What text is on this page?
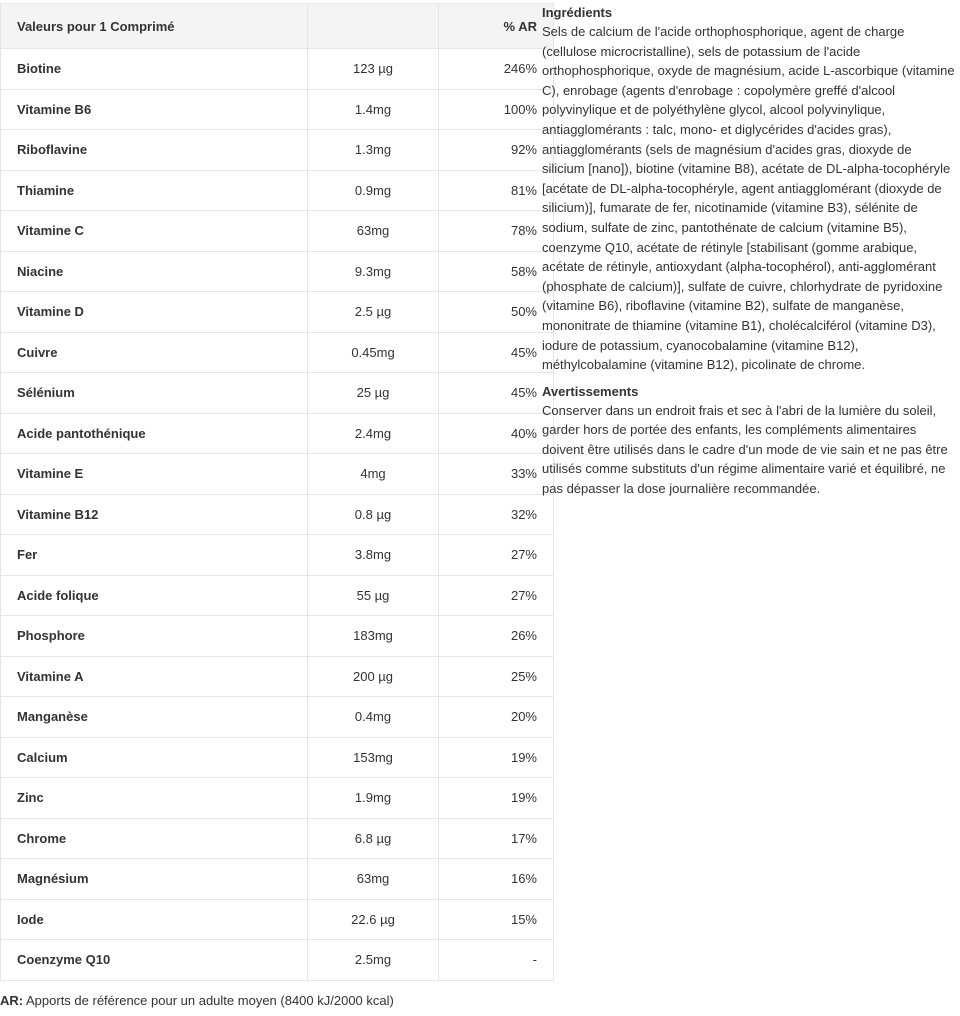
Valeurs pour 1 Comprimé		% AR
Biotine	123 µg	246%
Vitamine B6	1.4mg	100%
Riboflavine	1.3mg	92%
Thiamine	0.9mg	81%
Vitamine C	63mg	78%
Niacine	9.3mg	58%
Vitamine D	2.5 µg	50%
Cuivre	0.45mg	45%
Sélénium	25 µg	45%
Acide pantothénique	2.4mg	40%
Vitamine E	4mg	33%
Vitamine B12	0.8 µg	32%
Fer	3.8mg	27%
Acide folique	55 µg	27%
Phosphore	183mg	26%
Vitamine A	200 µg	25%
Manganèse	0.4mg	20%
Calcium	153mg	19%
Zinc	1.9mg	19%
Chrome	6.8 µg	17%
Magnésium	63mg	16%
Iode	22.6 µg	15%
Coenzyme Q10	2.5mg	-
AR: Apports de référence pour un adulte moyen (8400 kJ/2000 kcal)
Ingrédients

Sels de calcium de l'acide orthophosphorique, agent de charge (cellulose microcristalline), sels de potassium de l'acide orthophosphorique, oxyde de magnésium, acide L-ascorbique (vitamine C), enrobage (agents d'enrobage : copolymère greffé d'alcool polyvinylique et de polyéthylène glycol, alcool polyvinylique, antiagglomérants : talc, mono- et diglycérides d'acides gras), antiagglomérants (sels de magnésium d'acides gras, dioxyde de silicium [nano]), biotine (vitamine B8), acétate de DL-alpha-tocophéryle [acétate de DL-alpha-tocophéryle, agent antiagglomérant (dioxyde de silicium)], fumarate de fer, nicotinamide (vitamine B3), sélénite de sodium, sulfate de zinc, pantothénate de calcium (vitamine B5), coenzyme Q10, acétate de rétinyle [stabilisant (gomme arabique, acétate de rétinyle, antioxydant (alpha-tocophérol), anti-agglomérant (phosphate de calcium)], sulfate de cuivre, chlorhydrate de pyridoxine (vitamine B6), riboflavine (vitamine B2), sulfate de manganèse, mononitrate de thiamine (vitamine B1), cholécalciférol (vitamine D3), iodure de potassium, cyanocobalamine (vitamine B12), méthylcobalamine (vitamine B12), picolinate de chrome.

Avertissements

Conserver dans un endroit frais et sec à l'abri de la lumière du soleil, garder hors de portée des enfants, les compléments alimentaires doivent être utilisés dans le cadre d'un mode de vie sain et ne pas être utilisés comme substituts d'un régime alimentaire varié et équilibré, ne pas dépasser la dose journalière recommandée.
